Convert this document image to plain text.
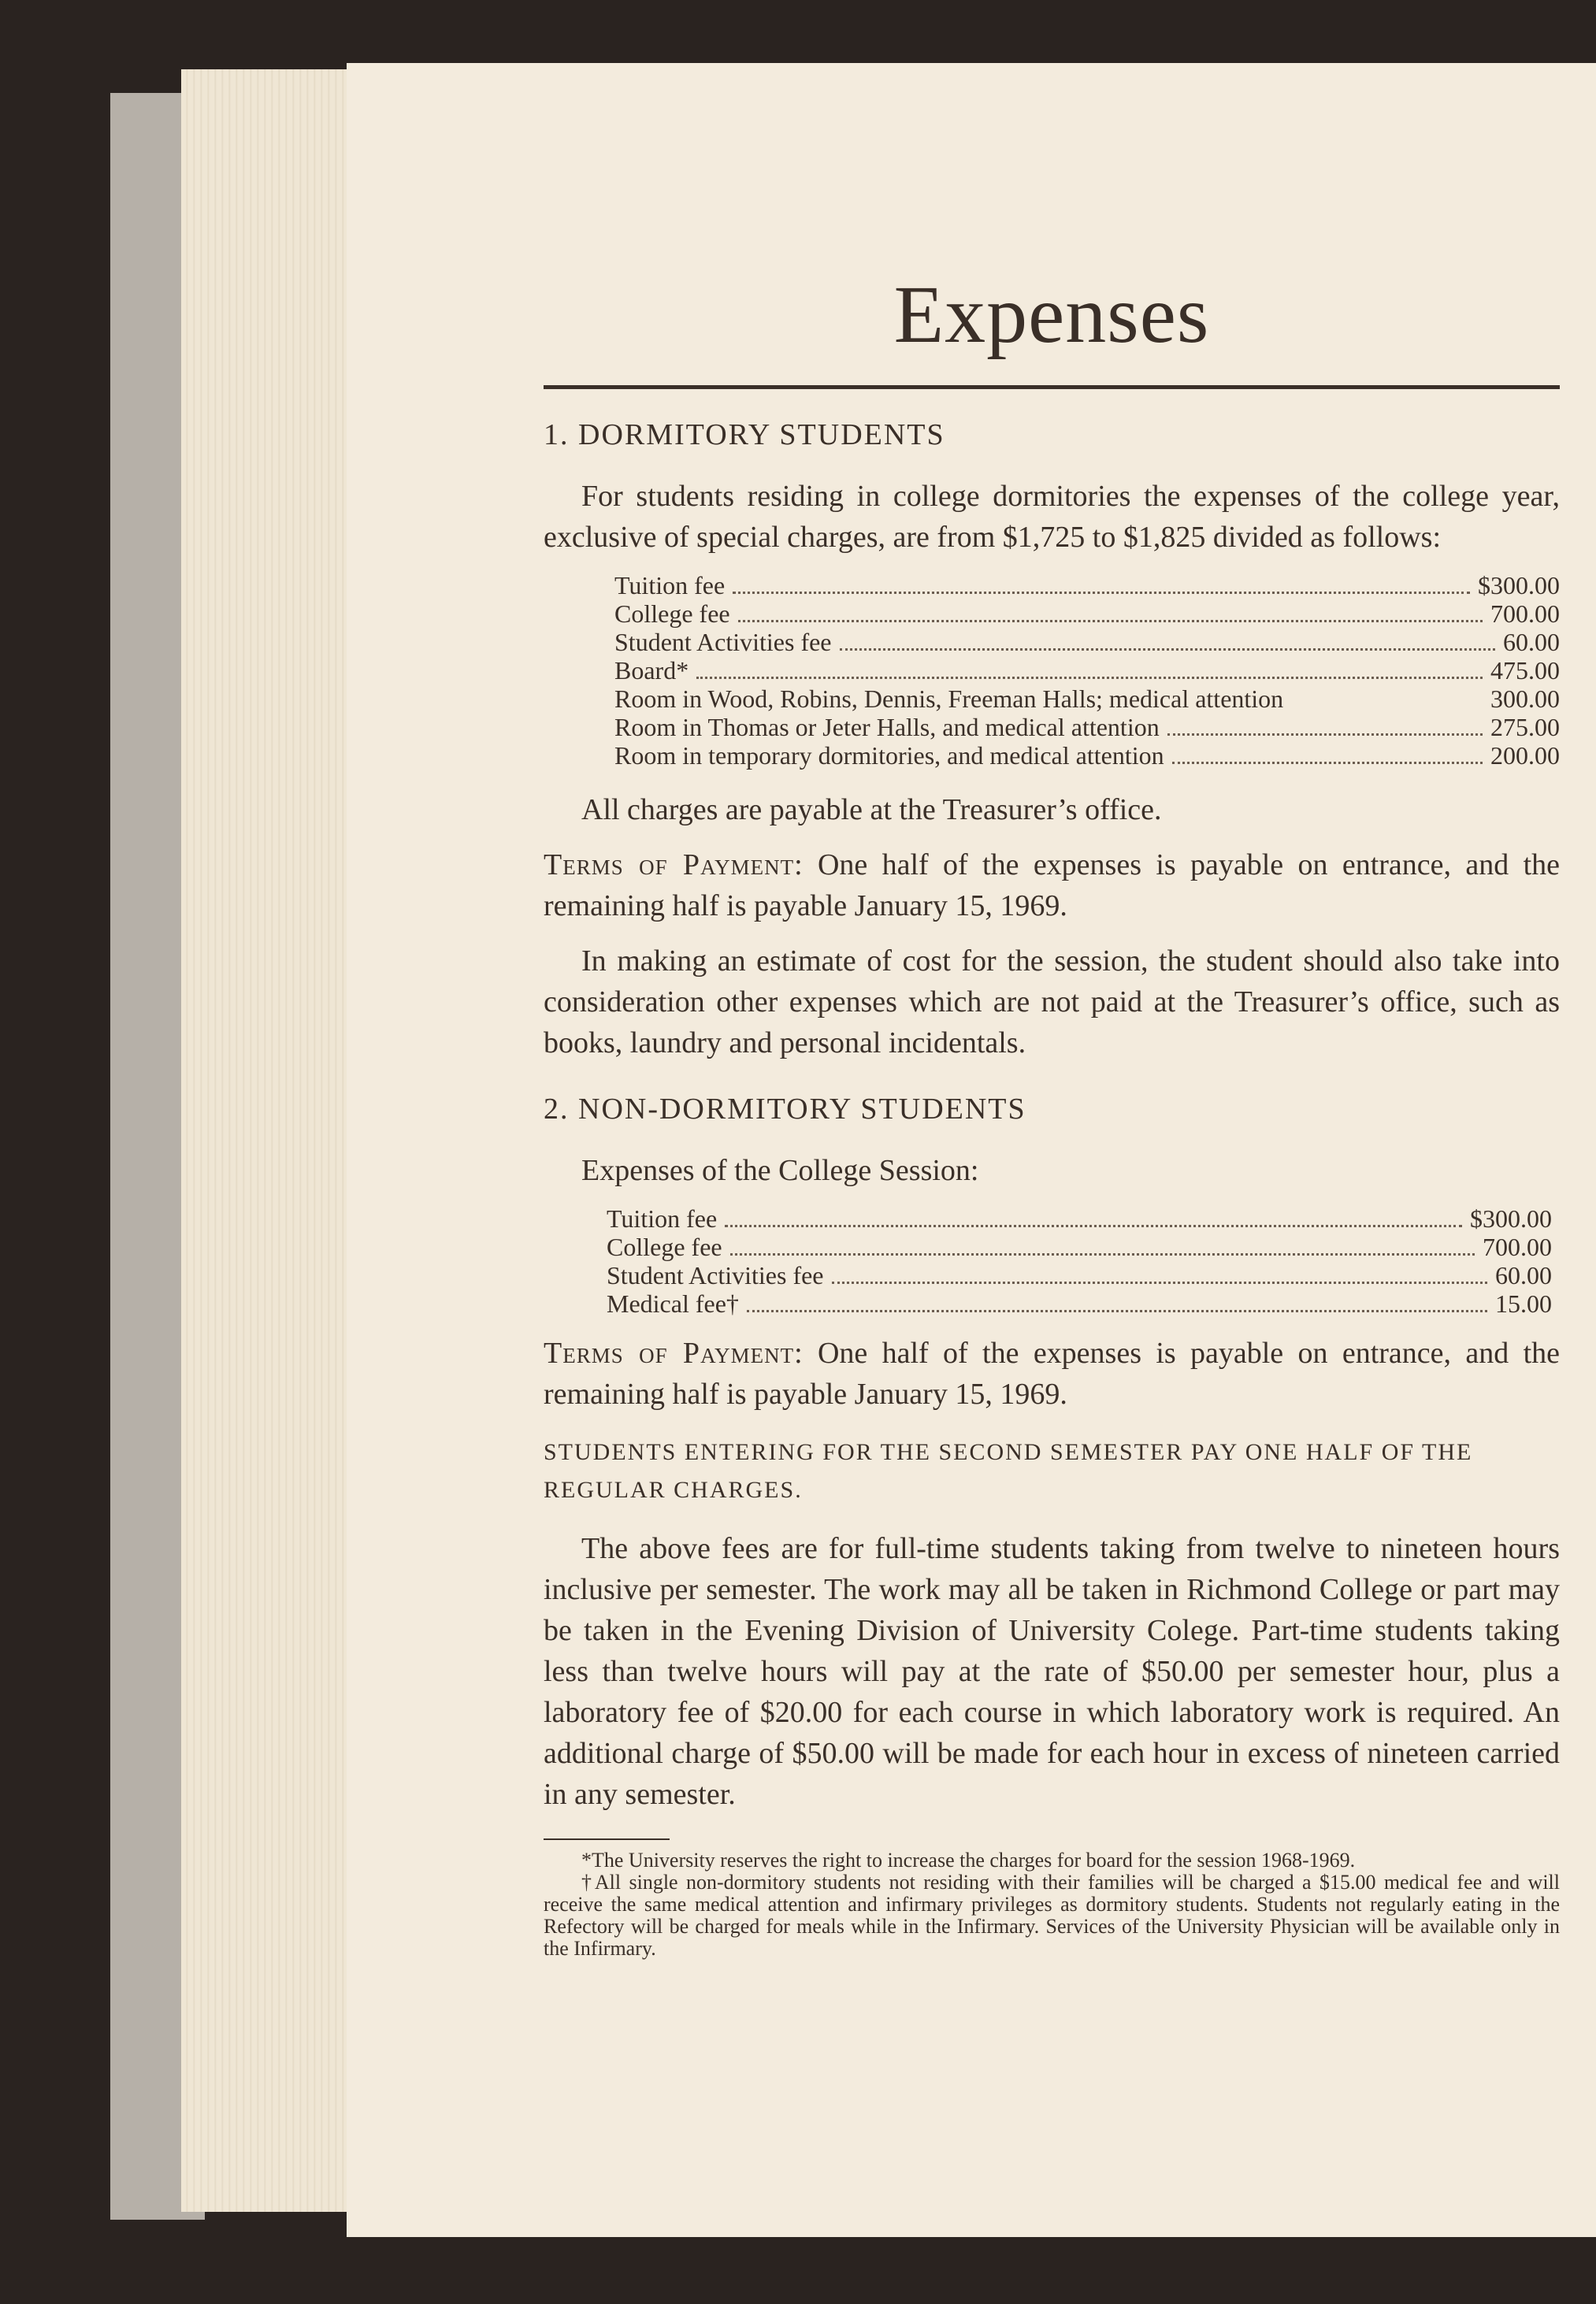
Expenses
1. DORMITORY STUDENTS

For students residing in college dormitories the expenses of the college year, exclusive of special charges, are from $1,725 to $1,825 divided as follows:

Tuition fee	$300.00
College fee	700.00
Student Activities fee	60.00
Board*	475.00
Room in Wood, Robins, Dennis, Freeman Halls; medical attention	300.00
Room in Thomas or Jeter Halls, and medical attention	275.00
Room in temporary dormitories, and medical attention	200.00

All charges are payable at the Treasurer’s office.

Terms of Payment: One half of the expenses is payable on entrance, and the remaining half is payable January 15, 1969.

In making an estimate of cost for the session, the student should also take into consideration other expenses which are not paid at the Treasurer’s office, such as books, laundry and personal incidentals.

2. NON-DORMITORY STUDENTS

Expenses of the College Session:

Tuition fee	$300.00
College fee	700.00
Student Activities fee	60.00
Medical fee†	15.00

Terms of Payment: One half of the expenses is payable on entrance, and the remaining half is payable January 15, 1969.

STUDENTS ENTERING FOR THE SECOND SEMESTER PAY ONE HALF OF THE REGULAR CHARGES.

The above fees are for full-time students taking from twelve to nineteen hours inclusive per semester. The work may all be taken in Richmond College or part may be taken in the Evening Division of University Colege. Part-time students taking less than twelve hours will pay at the rate of $50.00 per semester hour, plus a laboratory fee of $20.00 for each course in which laboratory work is required. An additional charge of $50.00 will be made for each hour in excess of nineteen carried in any semester.

*The University reserves the right to increase the charges for board for the session 1968-1969.

†All single non-dormitory students not residing with their families will be charged a $15.00 medical fee and will receive the same medical attention and infirmary privileges as dormitory students. Students not regularly eating in the Refectory will be charged for meals while in the Infirmary. Services of the University Physician will be available only in the Infirmary.
